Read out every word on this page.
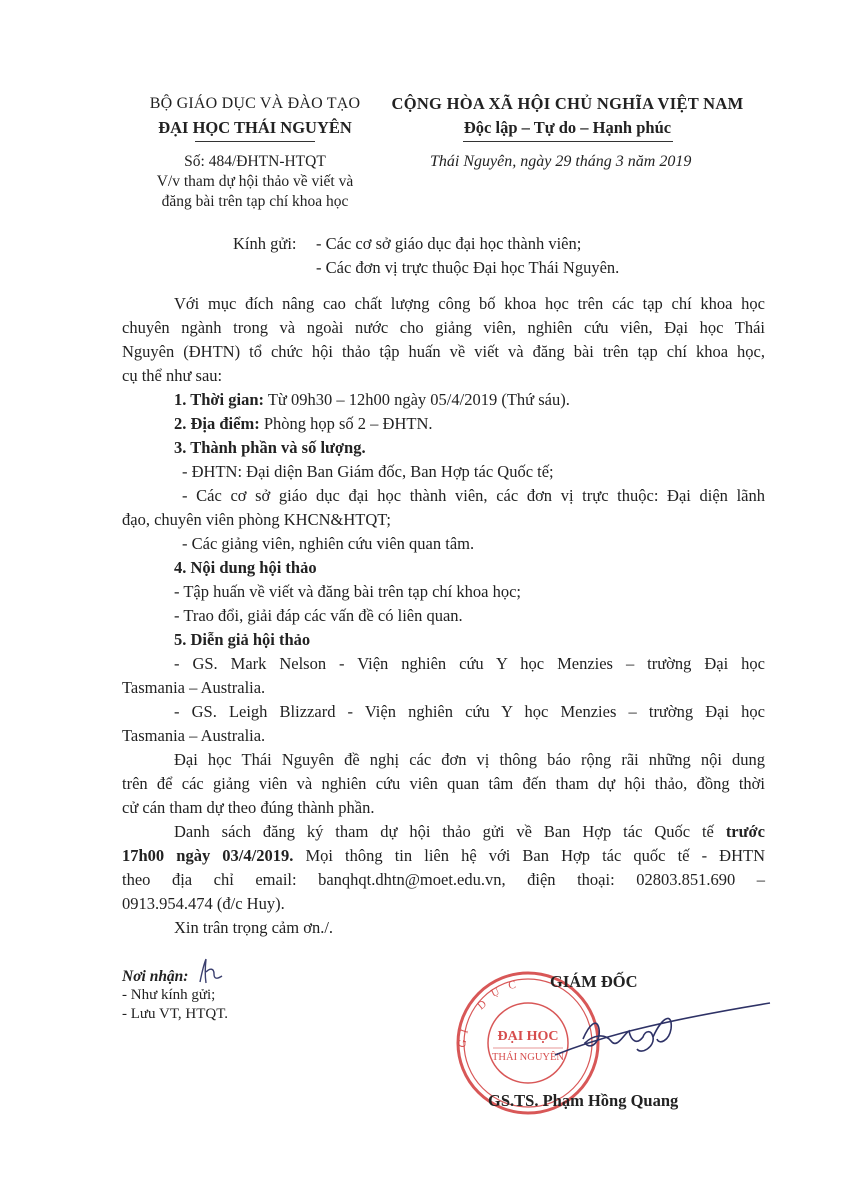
BỘ GIÁO DỤC VÀ ĐÀO TẠO
ĐẠI HỌC THÁI NGUYÊN
CỘNG HÒA XÃ HỘI CHỦ NGHĨA VIỆT NAM
Độc lập – Tự do – Hạnh phúc
Số: 484/ĐHTN-HTQT
V/v tham dự hội thảo về viết và
đăng bài trên tạp chí khoa học
Thái Nguyên, ngày 29 tháng 3 năm 2019
Kính gửi: - Các cơ sở giáo dục đại học thành viên;
- Các đơn vị trực thuộc Đại học Thái Nguyên.
Với mục đích nâng cao chất lượng công bố khoa học trên các tạp chí khoa học
chuyên ngành trong và ngoài nước cho giảng viên, nghiên cứu viên, Đại học Thái
Nguyên (ĐHTN) tổ chức hội thảo tập huấn về viết và đăng bài trên tạp chí khoa học,
cụ thể như sau:
1. Thời gian: Từ 09h30 – 12h00 ngày 05/4/2019 (Thứ sáu).
2. Địa điểm: Phòng họp số 2 – ĐHTN.
3. Thành phần và số lượng.
- ĐHTN: Đại diện Ban Giám đốc, Ban Hợp tác Quốc tế;
- Các cơ sở giáo dục đại học thành viên, các đơn vị trực thuộc: Đại diện lãnh
đạo, chuyên viên phòng KHCN&HTQT;
- Các giảng viên, nghiên cứu viên quan tâm.
4. Nội dung hội thảo
- Tập huấn về viết và đăng bài trên tạp chí khoa học;
- Trao đổi, giải đáp các vấn đề có liên quan.
5. Diễn giả hội thảo
- GS. Mark Nelson - Viện nghiên cứu Y học Menzies – trường Đại học
Tasmania – Australia.
- GS. Leigh Blizzard - Viện nghiên cứu Y học Menzies – trường Đại học
Tasmania – Australia.
Đại học Thái Nguyên đề nghị các đơn vị thông báo rộng rãi những nội dung
trên để các giảng viên và nghiên cứu viên quan tâm đến tham dự hội thảo, đồng thời
cử cán tham dự theo đúng thành phần.
Danh sách đăng ký tham dự hội thảo gửi về Ban Hợp tác Quốc tế trước
17h00 ngày 03/4/2019. Mọi thông tin liên hệ với Ban Hợp tác quốc tế - ĐHTN
theo địa chỉ email: banqhqt.dhtn@moet.edu.vn, điện thoại: 02803.851.690 –
0913.954.474 (đ/c Huy).
Xin trân trọng cảm ơn./.
Nơi nhận:
- Như kính gửi;
- Lưu VT, HTQT.
D
Ụ
C
G
I ĐẠI HỌC
THÁI NGUYÊN
GIÁM ĐỐC
GS.TS. Phạm Hồng Quang
